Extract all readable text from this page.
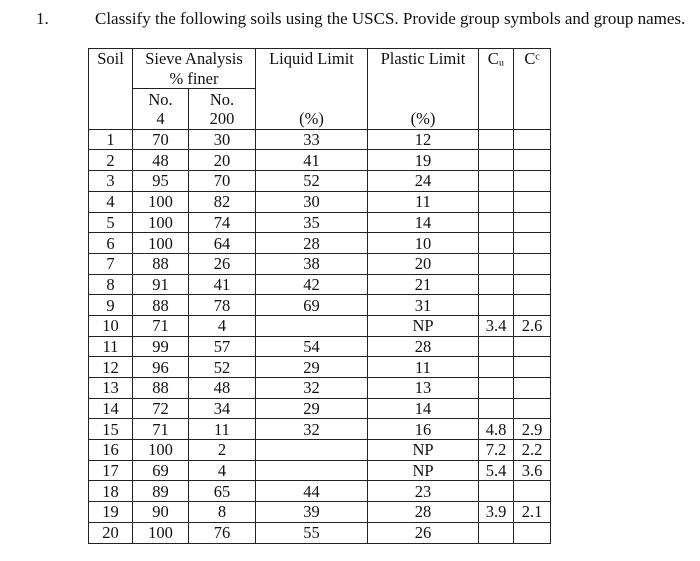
1.	Classify the following soils using the USCS. Provide group symbols and group names.
Soil	Sieve Analysis		Liquid Limit	Plastic Limit	Cᵤ	Cᶜ
	% finer					
	No.	No.				
	4	200	(%)	(%)		
1	70	30	33	12		
2	48	20	41	19		
3	95	70	52	24		
4	100	82	30	11		
5	100	74	35	14		
6	100	64	28	10		
7	88	26	38	20		
8	91	41	42	21		
9	88	78	69	31		
10	71	4		NP	3.4	2.6
11	99	57	54	28		
12	96	52	29	11		
13	88	48	32	13		
14	72	34	29	14		
15	71	11	32	16	4.8	2.9
16	100	2		NP	7.2	2.2
17	69	4		NP	5.4	3.6
18	89	65	44	23		
19	90	8	39	28	3.9	2.1
20	100	76	55	26		
